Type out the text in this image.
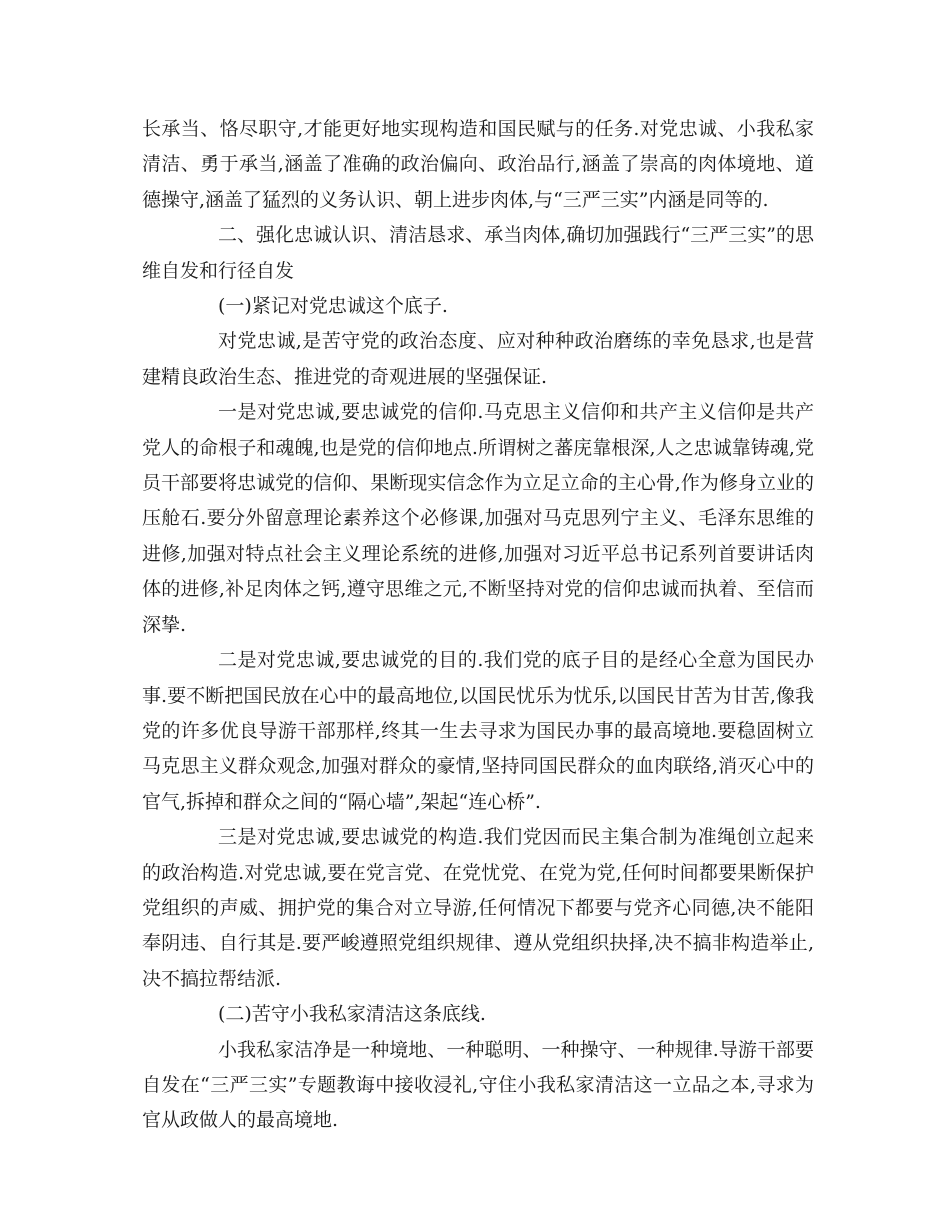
长承当、恪尽职守,才能更好地实现构造和国民赋与的任务.对党忠诚、小我私家清洁、勇于承当,涵盖了准确的政治偏向、政治品行,涵盖了崇高的肉体境地、道德操守,涵盖了猛烈的义务认识、朝上进步肉体,与“三严三实”内涵是同等的.

二、强化忠诚认识、清洁恳求、承当肉体,确切加强践行“三严三实”的思维自发和行径自发

(一)紧记对党忠诚这个底子.

对党忠诚,是苦守党的政治态度、应对种种政治磨练的幸免恳求,也是营建精良政治生态、推进党的奇观进展的坚强保证.

一是对党忠诚,要忠诚党的信仰.马克思主义信仰和共产主义信仰是共产党人的命根子和魂魄,也是党的信仰地点.所谓树之蕃庑靠根深,人之忠诚靠铸魂,党员干部要将忠诚党的信仰、果断现实信念作为立足立命的主心骨,作为修身立业的压舱石.要分外留意理论素养这个必修课,加强对马克思列宁主义、毛泽东思维的进修,加强对特点社会主义理论系统的进修,加强对习近平总书记系列首要讲话肉体的进修,补足肉体之钙,遵守思维之元,不断坚持对党的信仰忠诚而执着、至信而深挚.

二是对党忠诚,要忠诚党的目的.我们党的底子目的是经心全意为国民办事.要不断把国民放在心中的最高地位,以国民忧乐为忧乐,以国民甘苦为甘苦,像我党的许多优良导游干部那样,终其一生去寻求为国民办事的最高境地.要稳固树立马克思主义群众观念,加强对群众的豪情,坚持同国民群众的血肉联络,消灭心中的官气,拆掉和群众之间的“隔心墙”,架起“连心桥”.

三是对党忠诚,要忠诚党的构造.我们党因而民主集合制为准绳创立起来的政治构造.对党忠诚,要在党言党、在党忧党、在党为党,任何时间都要果断保护党组织的声威、拥护党的集合对立导游,任何情况下都要与党齐心同德,决不能阳奉阴违、自行其是.要严峻遵照党组织规律、遵从党组织抉择,决不搞非构造举止,决不搞拉帮结派.

(二)苦守小我私家清洁这条底线.

小我私家洁净是一种境地、一种聪明、一种操守、一种规律.导游干部要自发在“三严三实”专题教诲中接收浸礼,守住小我私家清洁这一立品之本,寻求为官从政做人的最高境地.
